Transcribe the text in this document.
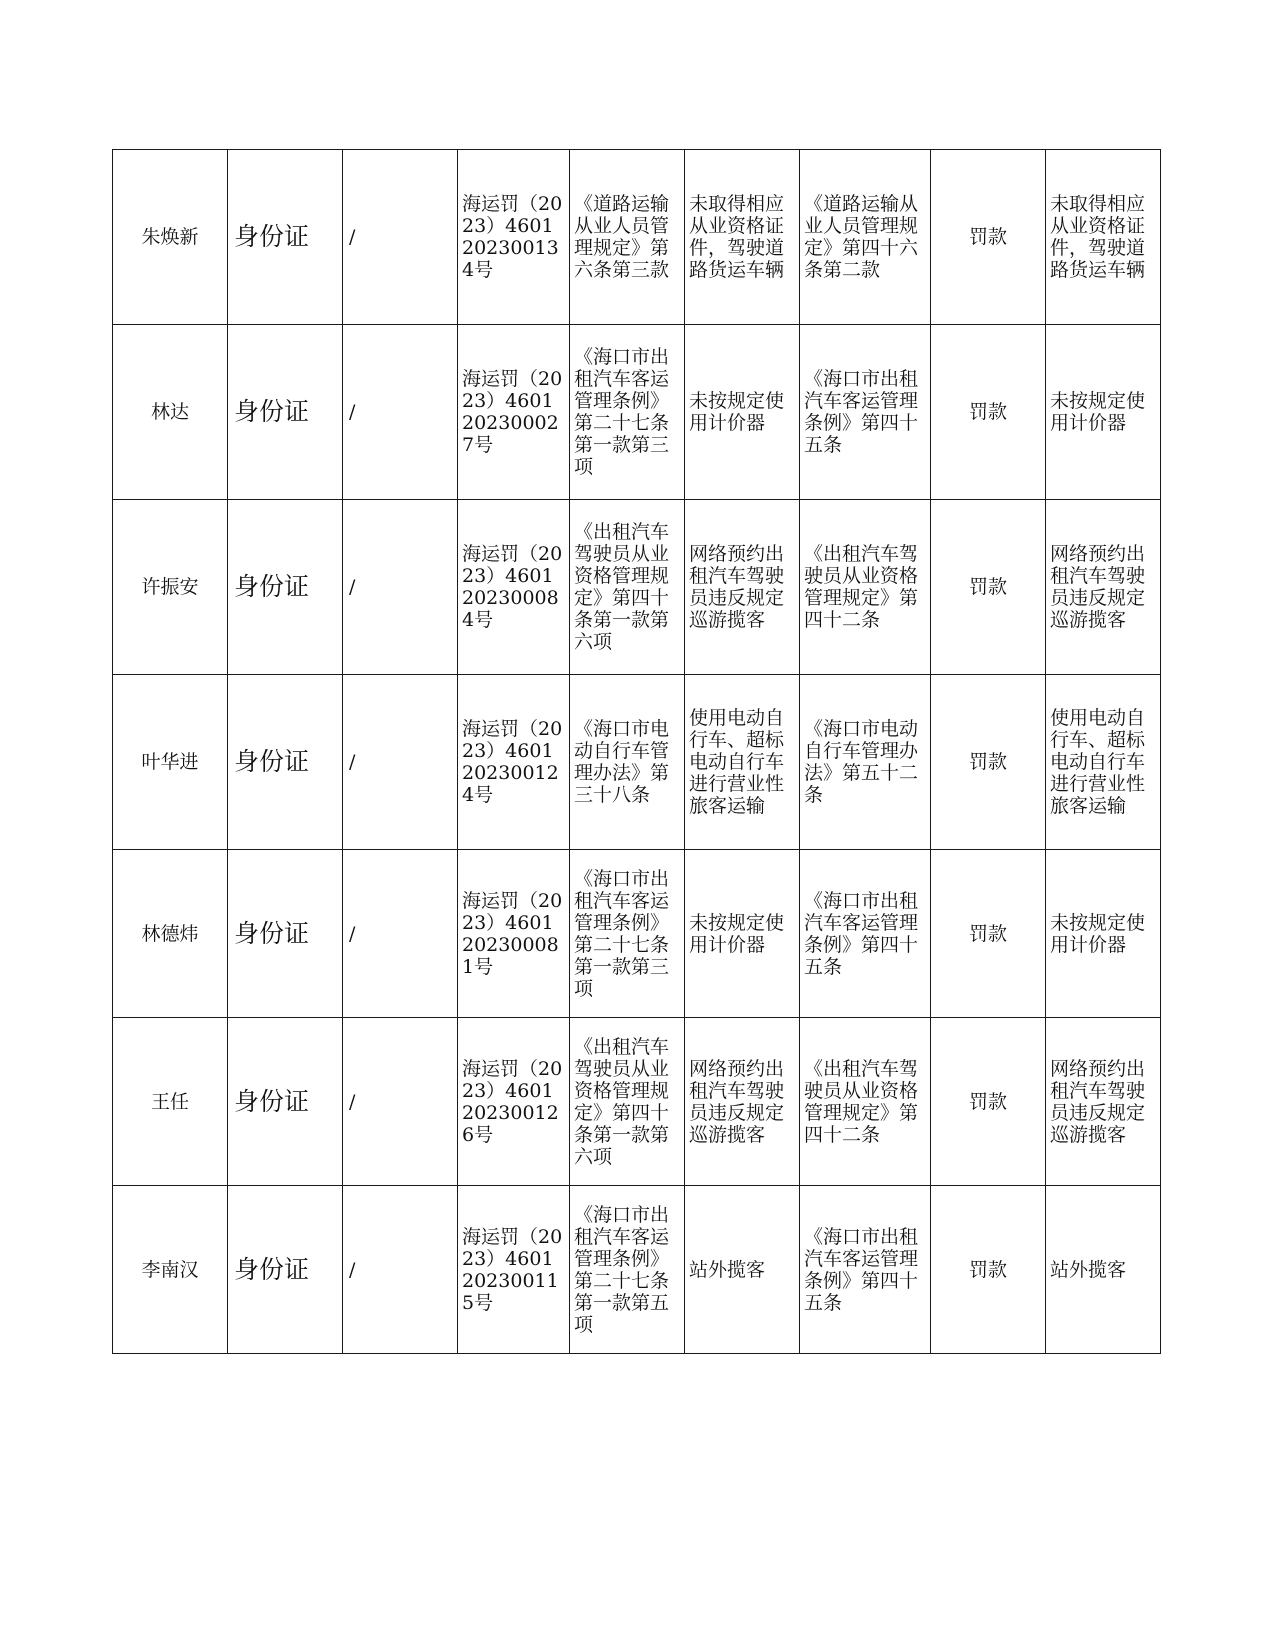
朱焕新	身份证	/	海运罚（2023）4601202300134号	《道路运输从业人员管理规定》第六条第三款	未取得相应从业资格证件，驾驶道路货运车辆	《道路运输从业人员管理规定》第四十六条第二款	罚款	未取得相应从业资格证件，驾驶道路货运车辆
林达	身份证	/	海运罚（2023）4601202300027号	《海口市出租汽车客运管理条例》第二十七条第一款第三项	未按规定使用计价器	《海口市出租汽车客运管理条例》第四十五条	罚款	未按规定使用计价器
许振安	身份证	/	海运罚（2023）4601202300084号	《出租汽车驾驶员从业资格管理规定》第四十条第一款第六项	网络预约出租汽车驾驶员违反规定巡游揽客	《出租汽车驾驶员从业资格管理规定》第四十二条	罚款	网络预约出租汽车驾驶员违反规定巡游揽客
叶华进	身份证	/	海运罚（2023）4601202300124号	《海口市电动自行车管理办法》第三十八条	使用电动自行车、超标电动自行车进行营业性旅客运输	《海口市电动自行车管理办法》第五十二条	罚款	使用电动自行车、超标电动自行车进行营业性旅客运输
林德炜	身份证	/	海运罚（2023）4601202300081号	《海口市出租汽车客运管理条例》第二十七条第一款第三项	未按规定使用计价器	《海口市出租汽车客运管理条例》第四十五条	罚款	未按规定使用计价器
王任	身份证	/	海运罚（2023）4601202300126号	《出租汽车驾驶员从业资格管理规定》第四十条第一款第六项	网络预约出租汽车驾驶员违反规定巡游揽客	《出租汽车驾驶员从业资格管理规定》第四十二条	罚款	网络预约出租汽车驾驶员违反规定巡游揽客
李南汉	身份证	/	海运罚（2023）4601202300115号	《海口市出租汽车客运管理条例》第二十七条第一款第五项	站外揽客	《海口市出租汽车客运管理条例》第四十五条	罚款	站外揽客
